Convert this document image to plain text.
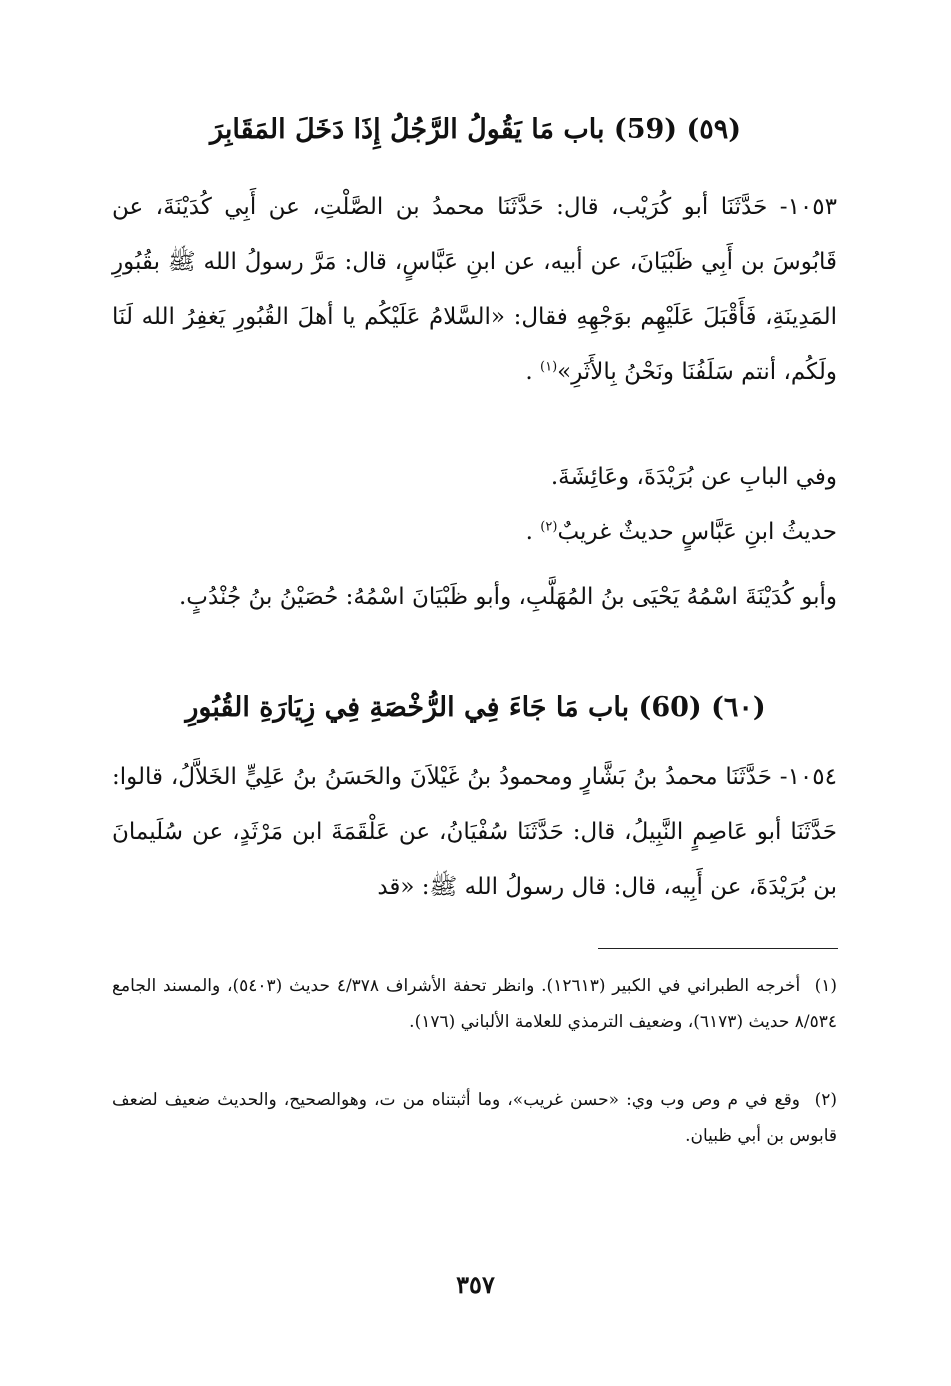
(٥٩) (59) باب مَا يَقُولُ الرَّجُلُ إِذَا دَخَلَ المَقَابِرَ
١٠٥٣- حَدَّثَنَا أبو كُرَيْب، قال: حَدَّثَنَا محمدُ بن الصَّلْتِ، عن أَبِي كُدَيْنَةَ، عن قَابُوسَ بن أَبِي ظَبْيَانَ، عن أبيه، عن ابنِ عَبَّاسٍ، قال: مَرَّ رسولُ الله ﷺ بقُبُورِ المَدِينَةِ، فَأَقْبَلَ عَلَيْهِم بوَجْهِهِ فقال: «السَّلامُ عَلَيْكُم يا أهلَ القُبُورِ يَغفِرُ الله لَنَا ولَكُم، أنتم سَلَفُنَا ونَحْنُ بِالأَثَرِ»$^{(١)}$ .
وفي البابِ عن بُرَيْدَةَ، وعَائِشَةَ.
حديثُ ابنِ عَبَّاسٍ حديثٌ غريبٌ$^{(٢)}$ .
وأبو كُدَيْنَةَ اسْمُهُ يَحْيَى بنُ المُهَلَّبِ، وأبو ظَبْيَانَ اسْمُهُ: حُصَيْنُ بنُ جُنْدُبٍ.
(٦٠) (60) باب مَا جَاءَ فِي الرُّخْصَةِ فِي زِيَارَةِ القُبُورِ
١٠٥٤- حَدَّثَنَا محمدُ بنُ بَشَّارٍ ومحمودُ بنُ غَيْلاَنَ والحَسَنُ بنُ عَلِيٍّ الخَلاَّلُ، قالوا: حَدَّثَنَا أبو عَاصِمٍ النَّبِيلُ، قال: حَدَّثَنَا سُفْيَانُ، عن عَلْقَمَةَ ابن مَرْثَدٍ، عن سُلَيمانَ بن بُرَيْدَةَ، عن أَبِيه، قال: قال رسولُ الله ﷺ: «قد
(١) أخرجه الطبراني في الكبير (١٢٦١٣). وانظر تحفة الأشراف ٤/٣٧٨ حديث (٥٤٠٣)، والمسند الجامع ٨/٥٣٤ حديث (٦١٧٣)، وضعيف الترمذي للعلامة الألباني (١٧٦).
(٢) وقع في م وص وب وي: «حسن غريب»، وما أثبتناه من ت، وهوالصحيح، والحديث ضعيف لضعف قابوس بن أبي ظبيان.
٣٥٧
